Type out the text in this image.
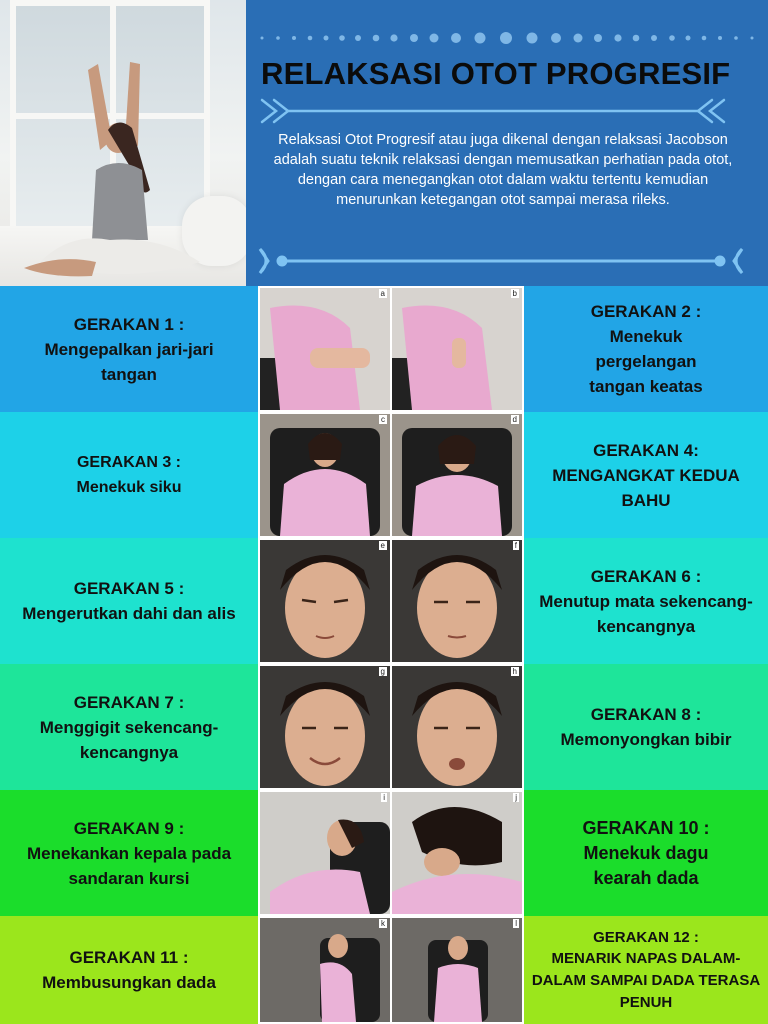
RELAKSASI OTOT PROGRESIF
Relaksasi Otot Progresif atau juga dikenal dengan relaksasi Jacobson adalah suatu teknik relaksasi dengan memusatkan perhatian pada otot, dengan cara menegangkan otot dalam waktu tertentu kemudian menurunkan ketegangan otot sampai merasa rileks.
GERAKAN 1 :
Mengepalkan jari-jari tangan
a	b
GERAKAN 2 :
Menekuk pergelangan tangan keatas
GERAKAN 3 :
Menekuk siku
c	d
GERAKAN 4:
MENGANGKAT KEDUA BAHU
GERAKAN 5 :
Mengerutkan dahi dan alis
e	f
GERAKAN 6 :
Menutup mata sekencang-kencangnya
GERAKAN 7 :
Menggigit sekencang-kencangnya
g	h
GERAKAN 8 :
Memonyongkan bibir
GERAKAN 9 :
Menekankan kepala pada sandaran kursi
i	j
GERAKAN 10 :
Menekuk dagu kearah dada
GERAKAN 11 :
Membusungkan dada
k	l
GERAKAN 12 :
MENARIK NAPAS DALAM-DALAM SAMPAI DADA TERASA PENUH
